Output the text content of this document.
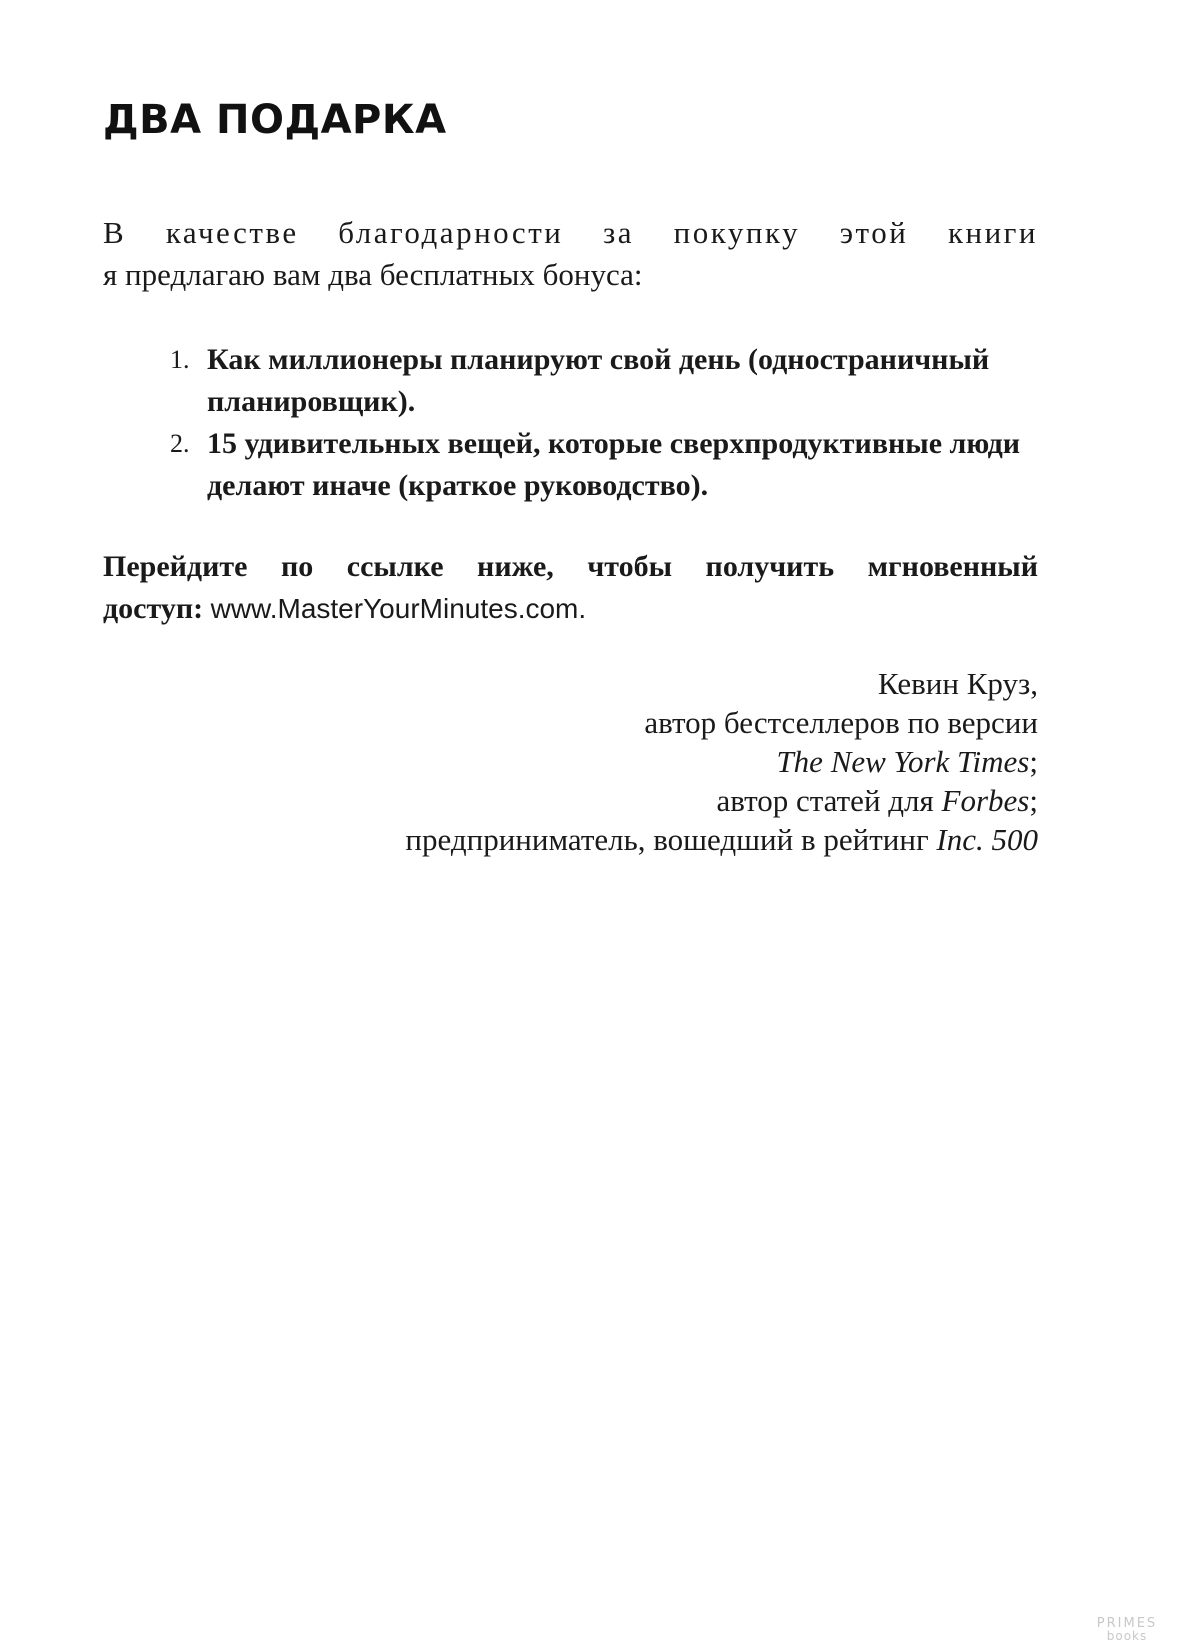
ДВА ПОДАРКА

В качестве благодарности за покупку этой книги
я предлагаю вам два бесплатных бонуса:

1. Как миллионеры планируют свой день (одностраничный планировщик).
2. 15 удивительных вещей, которые сверхпродуктивные люди делают иначе (краткое руководство).

Перейдите по ссылке ниже, чтобы получить мгновенный
доступ: www.MasterYourMinutes.com.

Кевин Круз,
автор бестселлеров по версии
The New York Times;
автор статей для Forbes;
предприниматель, вошедший в рейтинг Inc. 500

PRIMES
books
